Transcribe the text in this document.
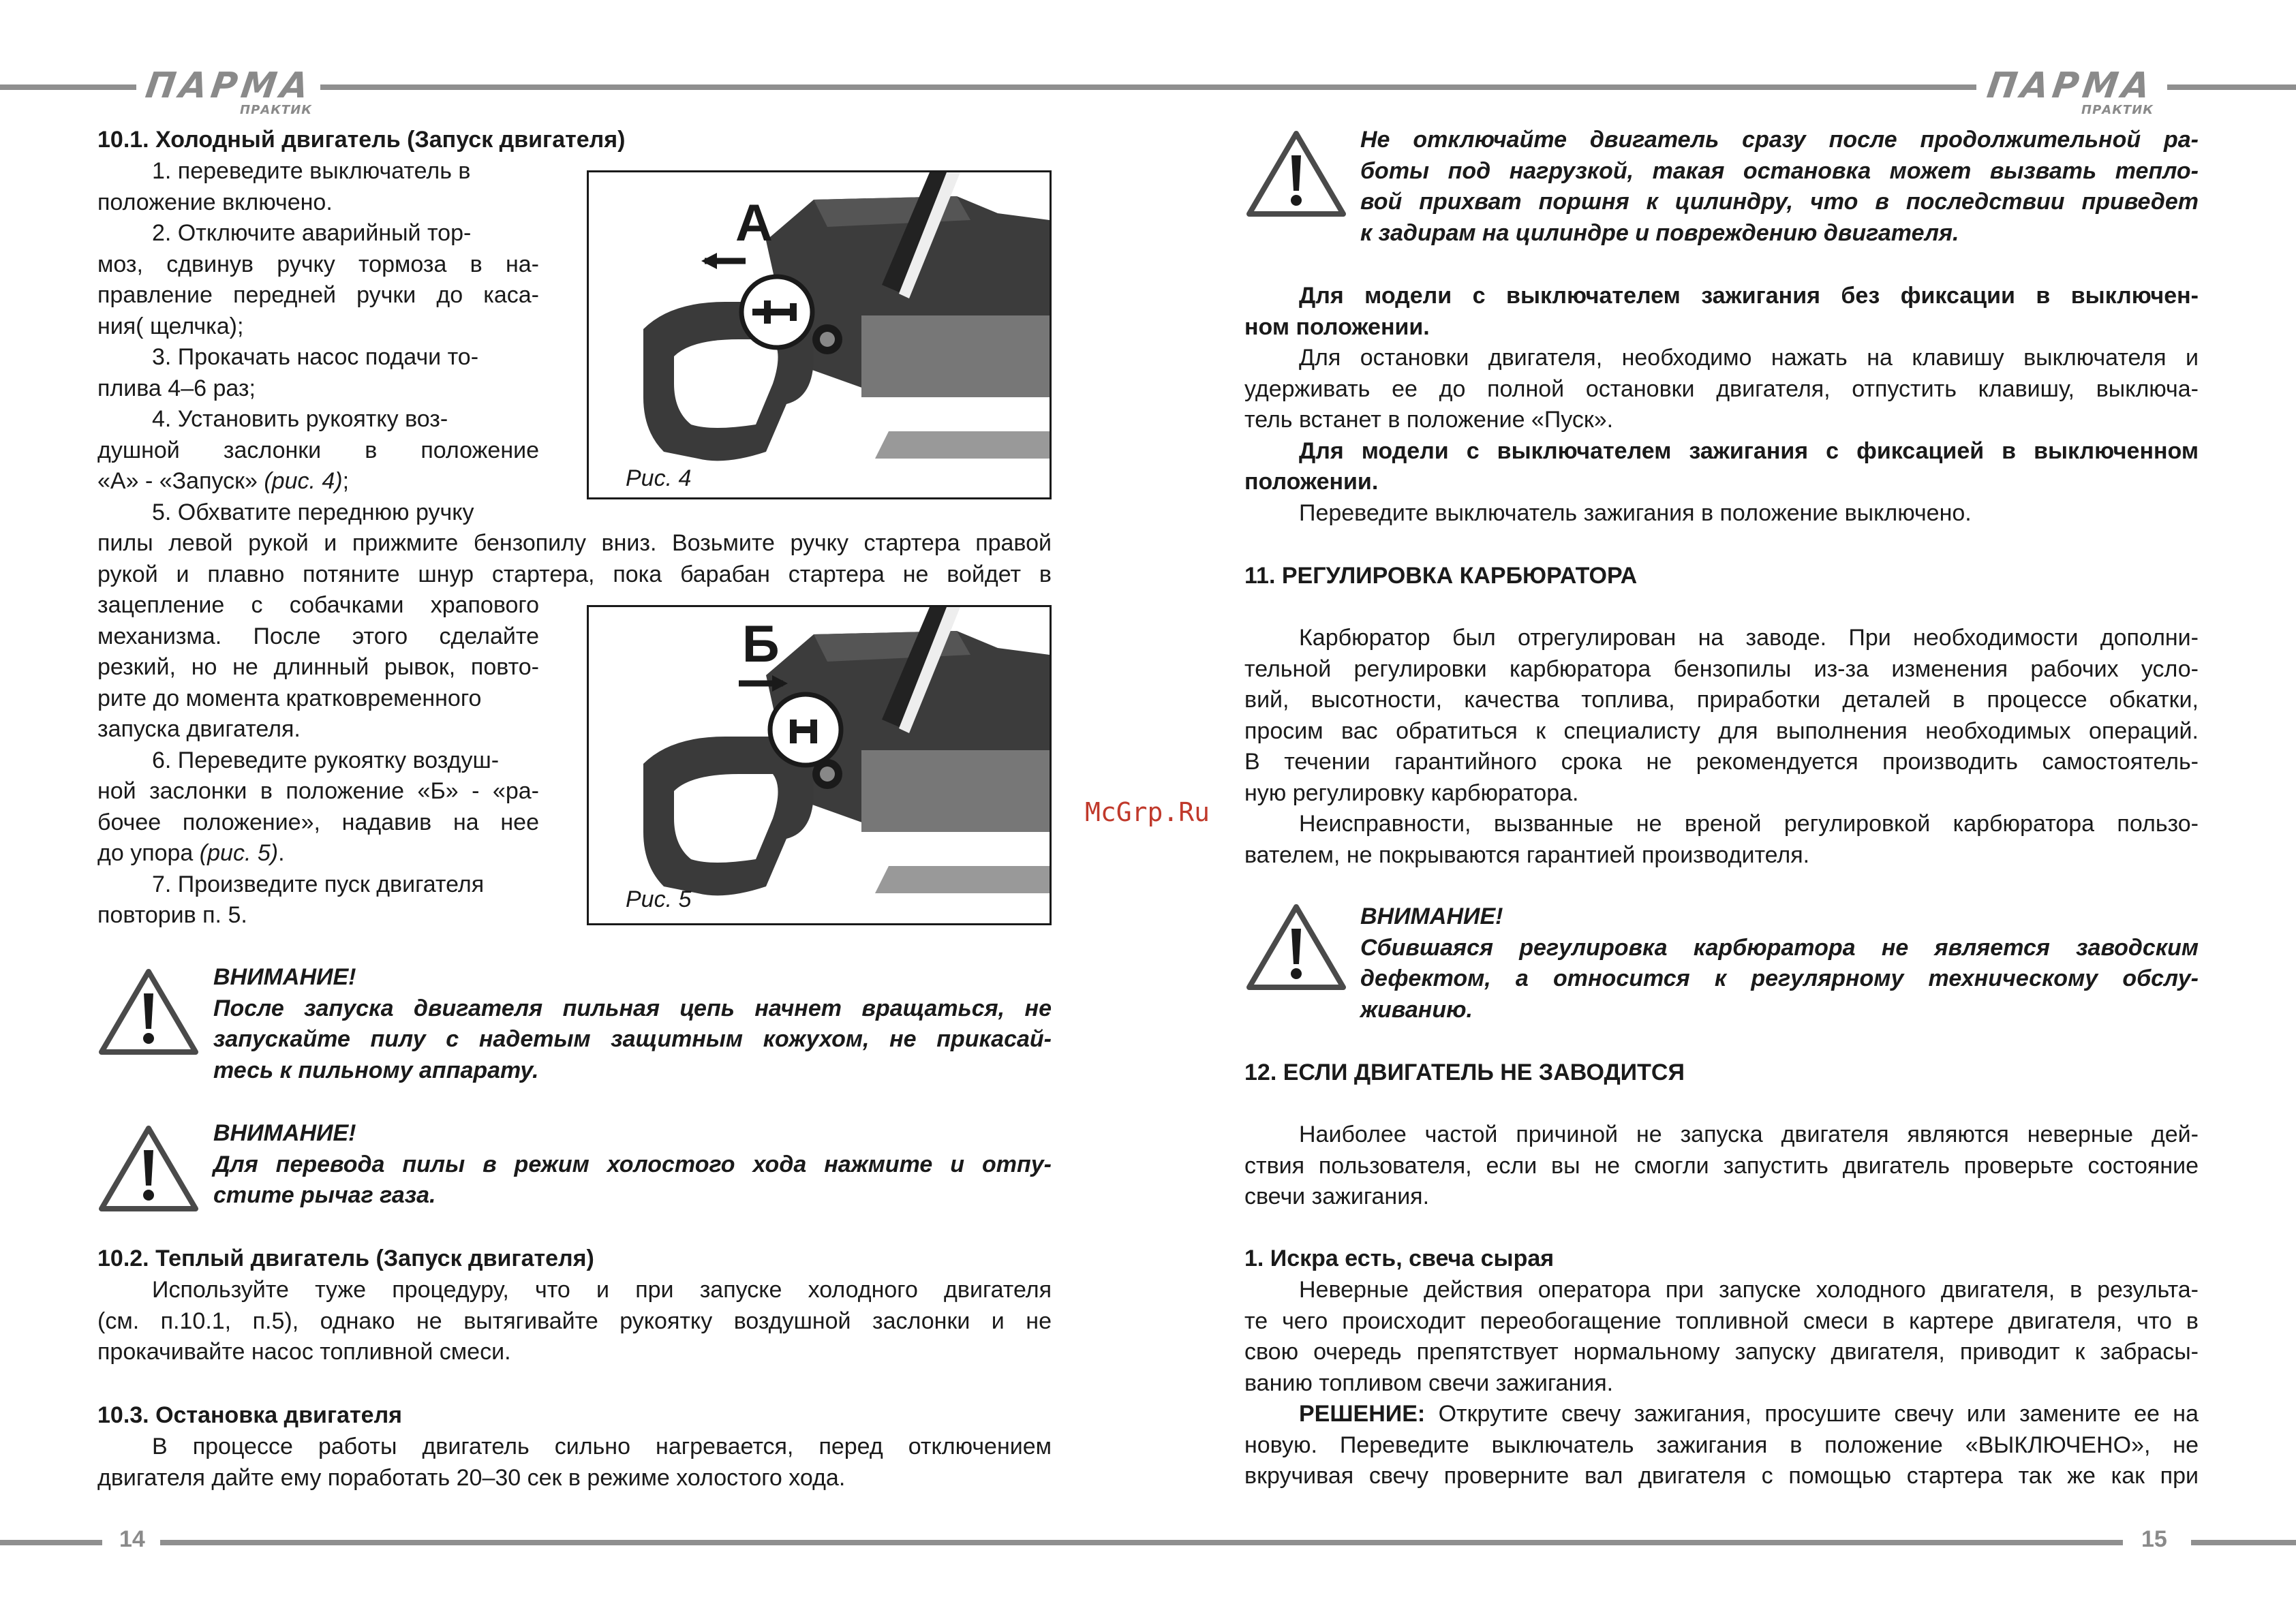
ПАРМА
ПРАКТИК
ПАРМА
ПРАКТИК
10.1. Холодный двигатель (Запуск двигателя)

1. переведите выключатель в

положение включено.

2. Отключите аварийный тор-

моз, сдвинув ручку тормоза в на-

правление передней ручки до каса-

ния( щелчка);

3. Прокачать насос подачи то-

плива 4–6 раз;

4. Установить рукоятку воз-

душной заслонки в положение

«А» - «Запуск» (рис. 4);

5. Обхватите переднюю ручку

пилы левой рукой и прижмите бензопилу вниз. Возьмите ручку стартера правой

рукой и плавно потяните шнур стартера, пока барабан стартера не войдет в

зацепление с собачками храпового

механизма. После этого сделайте

резкий, но не длинный рывок, повто-

рите до момента кратковременного

запуска двигателя.

6. Переведите рукоятку воздуш-

ной заслонки в положение «Б» - «ра-

бочее положение», надавив на нее

до упора (рис. 5).

7. Произведите пуск двигателя

повторив п. 5.

А
Рис. 4
Б
Рис. 5

ВНИМАНИЕ!

После запуска двигателя пильная цепь начнет вращаться, не

запускайте пилу с надетым защитным кожухом, не прикасай-

тесь к пильному аппарату.

ВНИМАНИЕ!

Для перевода пилы в режим холостого хода нажмите и отпу-

стите рычаг газа.

10.2. Теплый двигатель (Запуск двигателя)

Используйте туже процедуру, что и при запуске холодного двигателя

(см. п.10.1, п.5), однако не вытягивайте рукоятку воздушной заслонки и не

прокачивайте насос топливной смеси.

10.3. Остановка двигателя

В процессе работы двигатель сильно нагревается, перед отключением

двигателя дайте ему поработать 20–30 сек в режиме холостого хода.

McGrp.Ru

Не отключайте двигатель сразу после продолжительной ра-

боты под нагрузкой, такая остановка может вызвать тепло-

вой прихват поршня к цилиндру, что в последствии приведет

к задирам на цилиндре и повреждению двигателя.

Для модели с выключателем зажигания без фиксации в выключен-

ном положении.

Для остановки двигателя, необходимо нажать на клавишу выключателя и

удерживать ее до полной остановки двигателя, отпустить клавишу, выключа-

тель встанет в положение «Пуск».

Для модели с выключателем зажигания с фиксацией в выключенном

положении.

Переведите выключатель зажигания в положение выключено.

11. РЕГУЛИРОВКА КАРБЮРАТОРА

Карбюратор был отрегулирован на заводе. При необходимости дополни-

тельной регулировки карбюратора бензопилы из-за изменения рабочих усло-

вий, высотности, качества топлива, приработки деталей в процессе обкатки,

просим вас обратиться к специалисту для выполнения необходимых операций.

В течении гарантийного срока не рекомендуется производить самостоятель-

ную регулировку карбюратора.

Неисправности, вызванные не вреной регулировкой карбюратора пользо-

вателем, не покрываются гарантией производителя.

ВНИМАНИЕ!

Сбившаяся регулировка карбюратора не является заводским

дефектом, а относится к регулярному техническому обслу-

живанию.

12. ЕСЛИ ДВИГАТЕЛЬ НЕ ЗАВОДИТСЯ

Наиболее частой причиной не запуска двигателя являются неверные дей-

ствия пользователя, если вы не смогли запустить двигатель проверьте состояние

свечи зажигания.

1. Искра есть, свеча сырая

Неверные действия оператора при запуске холодного двигателя, в результа-

те чего происходит переобогащение топливной смеси в картере двигателя, что в

свою очередь препятствует нормальному запуску двигателя, приводит к забрасы-

ванию топливом свечи зажигания.

РЕШЕНИЕ: Открутите свечу зажигания, просушите свечу или замените ее на

новую. Переведите выключатель зажигания в положение «ВЫКЛЮЧЕНО», не

вкручивая свечу проверните вал двигателя с помощью стартера так же как при

14	15
